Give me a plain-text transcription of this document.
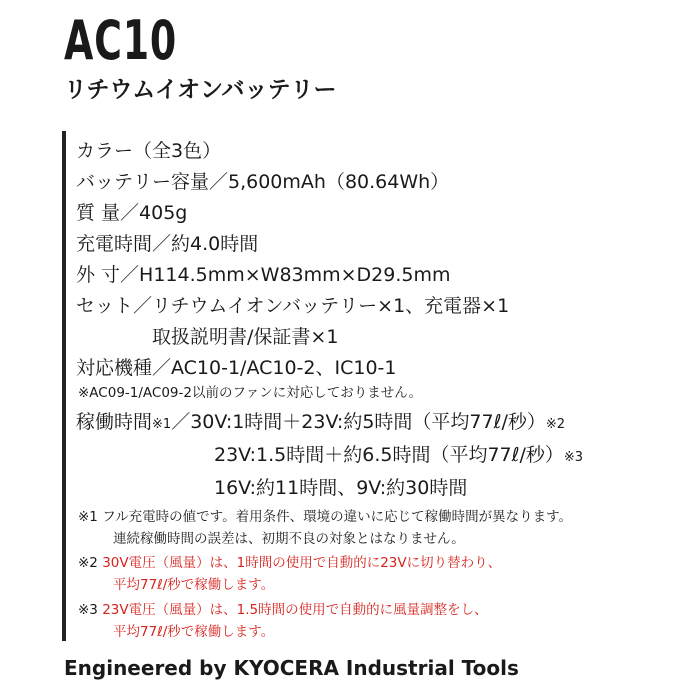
AC10
リチウムイオンバッテリー
カラー（全3色）
バッテリー容量／5,600mAh（80.64Wh）
質 量／405g
充電時間／約4.0時間
外 寸／H114.5mm×W83mm×D29.5mm
セット／リチウムイオンバッテリー×1、充電器×1
取扱説明書/保証書×1
対応機種／AC10-1/AC10-2、IC10-1
※AC09-1/AC09-2以前のファンに対応しておりません。
稼働時間※1／30V:1時間＋23V:約5時間（平均77ℓ/秒）※2
23V:1.5時間＋約6.5時間（平均77ℓ/秒）※3
16V:約11時間、9V:約30時間
※1 フル充電時の値です。着用条件、環境の違いに応じて稼働時間が異なります。
連続稼働時間の誤差は、初期不良の対象とはなりません。
※2 30V電圧（風量）は、1時間の使用で自動的に23Vに切り替わり、
平均77ℓ/秒で稼働します。
※3 23V電圧（風量）は、1.5時間の使用で自動的に風量調整をし、
平均77ℓ/秒で稼働します。
Engineered by KYOCERA Industrial Tools
